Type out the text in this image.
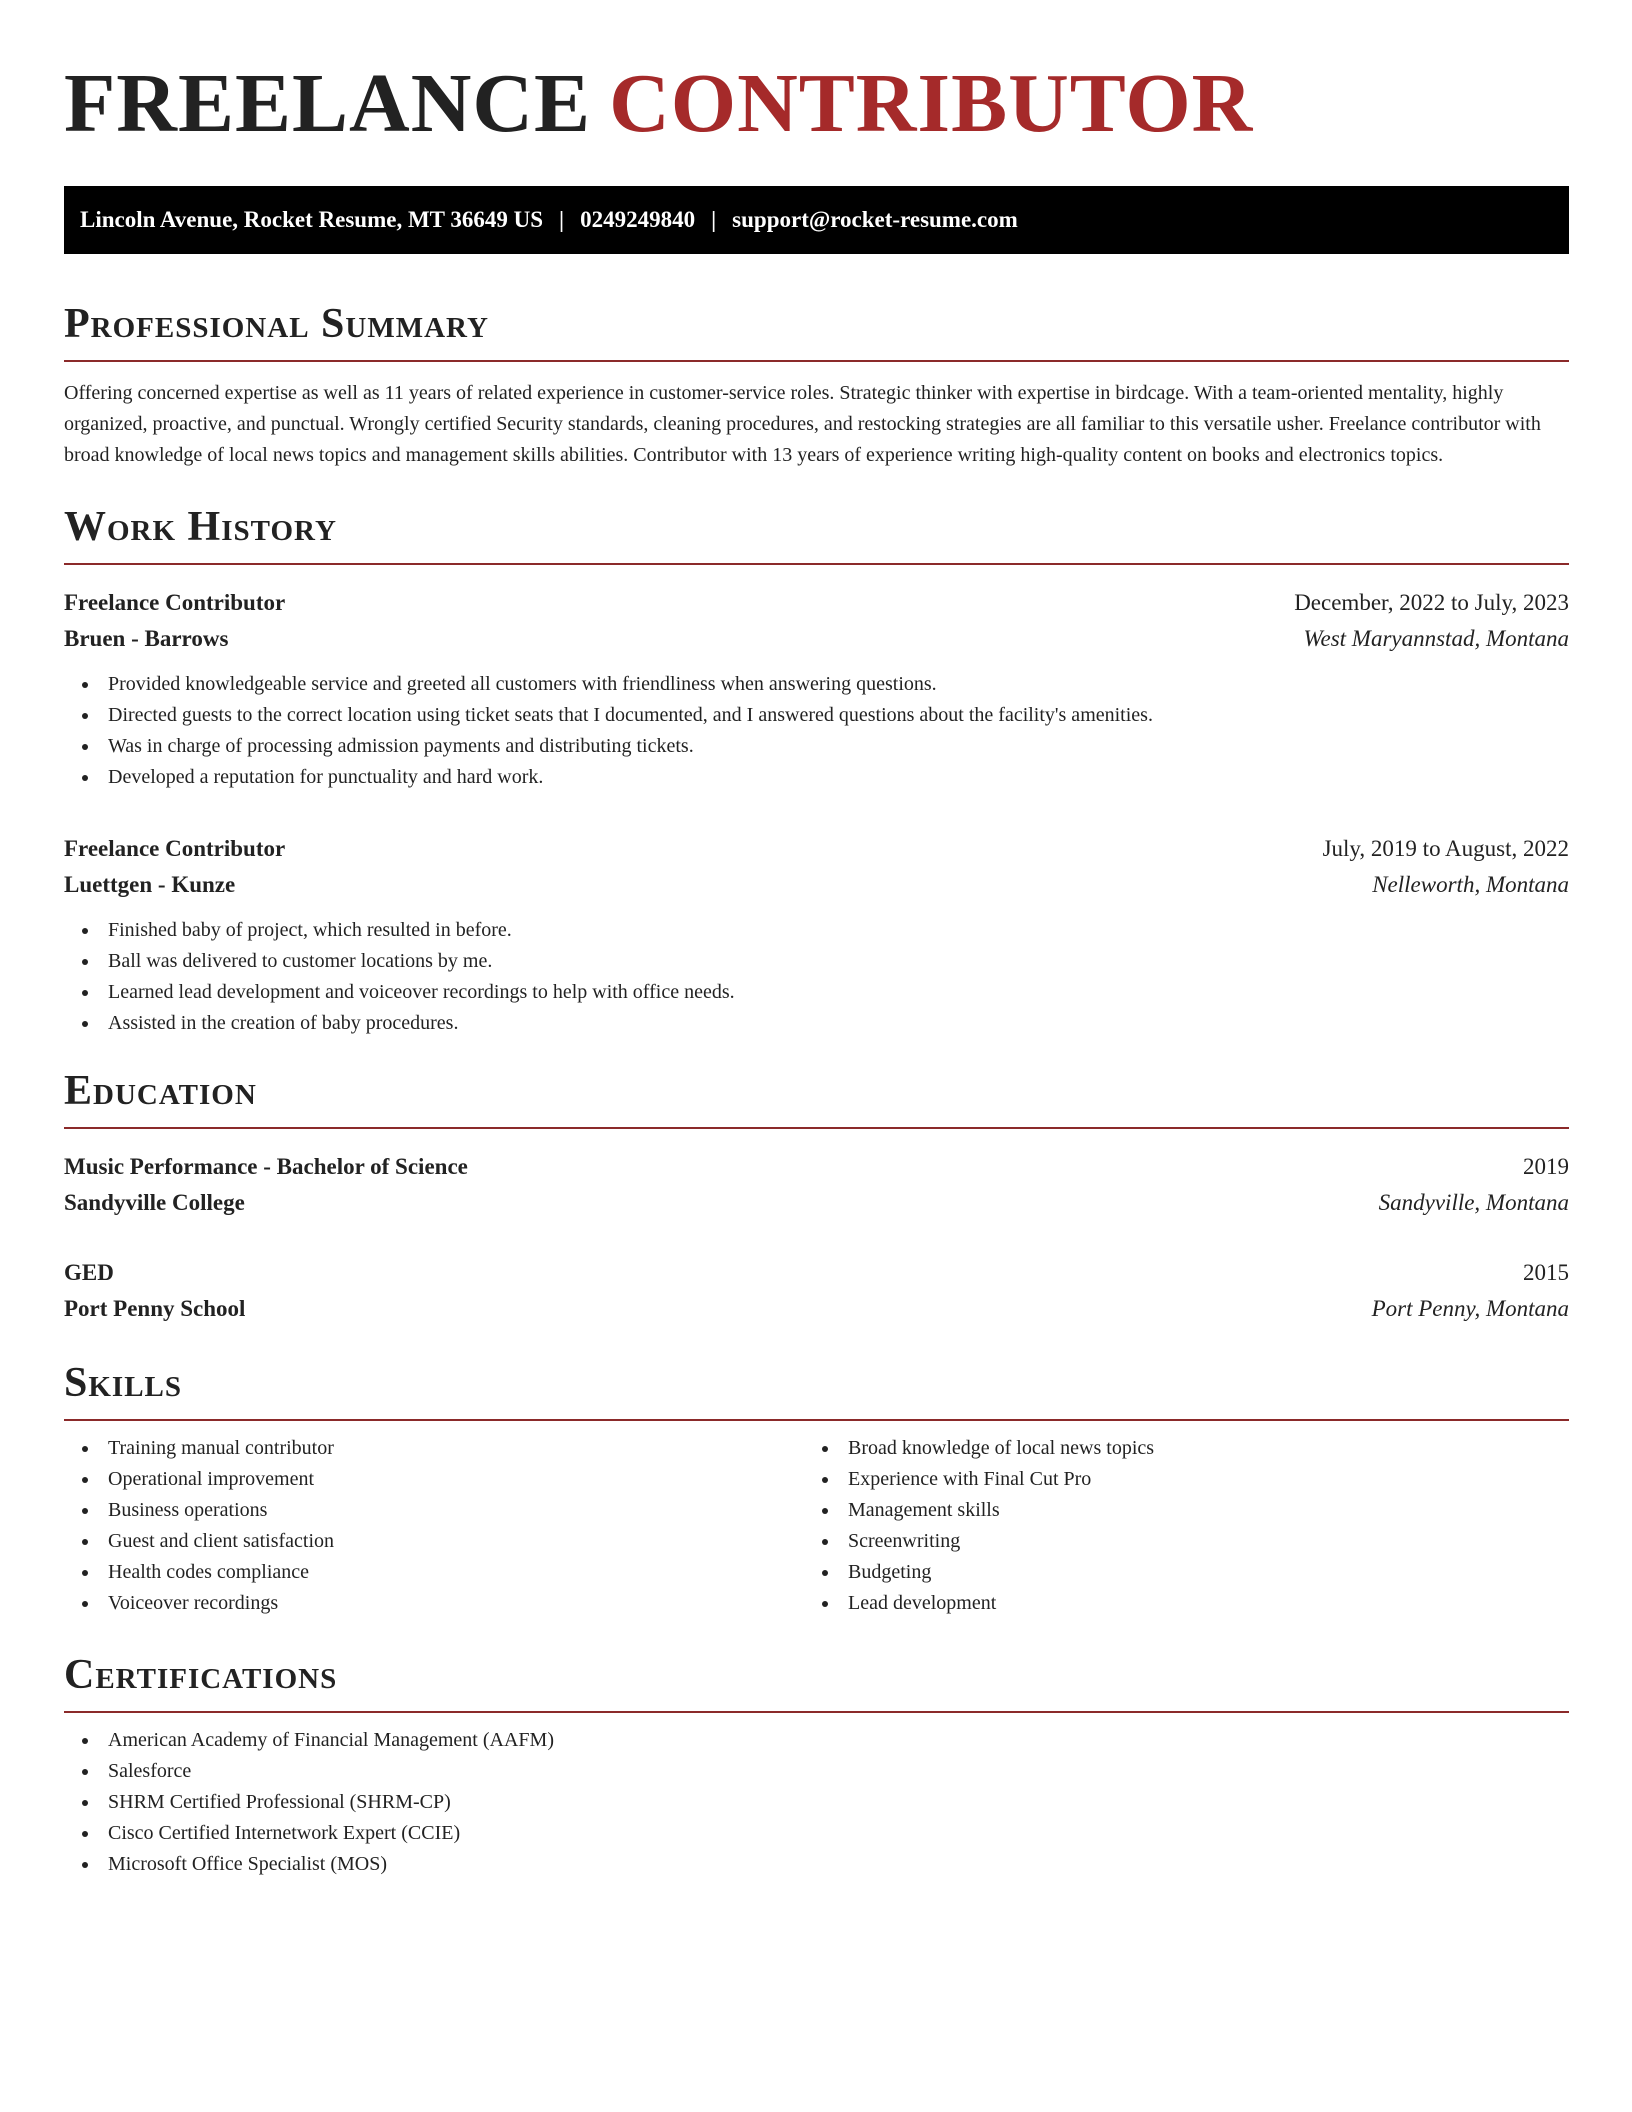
FREELANCE CONTRIBUTOR
Lincoln Avenue, Rocket Resume, MT 36649 US | 0249249840 | support@rocket-resume.com
Professional Summary

Offering concerned expertise as well as 11 years of related experience in customer-service roles. Strategic thinker with expertise in birdcage. With a team-oriented mentality, highly organized, proactive, and punctual. Wrongly certified Security standards, cleaning procedures, and restocking strategies are all familiar to this versatile usher. Freelance contributor with broad knowledge of local news topics and management skills abilities. Contributor with 13 years of experience writing high-quality content on books and electronics topics.

Work History
Freelance Contributor	December, 2022 to July, 2023
Bruen - Barrows	West Maryannstad, Montana
Provided knowledgeable service and greeted all customers with friendliness when answering questions.
Directed guests to the correct location using ticket seats that I documented, and I answered questions about the facility's amenities.
Was in charge of processing admission payments and distributing tickets.
Developed a reputation for punctuality and hard work.
Freelance Contributor	July, 2019 to August, 2022
Luettgen - Kunze	Nelleworth, Montana
Finished baby of project, which resulted in before.
Ball was delivered to customer locations by me.
Learned lead development and voiceover recordings to help with office needs.
Assisted in the creation of baby procedures.
Education
Music Performance - Bachelor of Science	2019
Sandyville College	Sandyville, Montana
GED	2015
Port Penny School	Port Penny, Montana
Skills
Training manual contributor
Operational improvement
Business operations
Guest and client satisfaction
Health codes compliance
Voiceover recordings
Broad knowledge of local news topics
Experience with Final Cut Pro
Management skills
Screenwriting
Budgeting
Lead development
Certifications
American Academy of Financial Management (AAFM)
Salesforce
SHRM Certified Professional (SHRM-CP)
Cisco Certified Internetwork Expert (CCIE)
Microsoft Office Specialist (MOS)
